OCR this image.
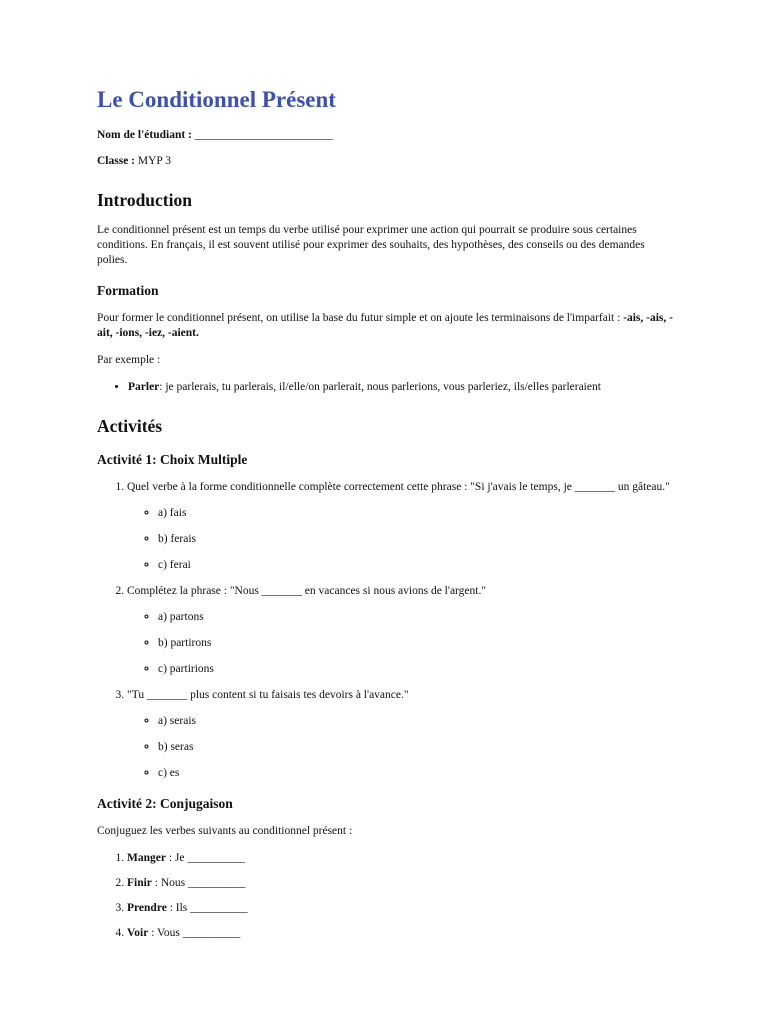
Le Conditionnel Présent

Nom de l'étudiant : ________________________

Classe : MYP 3

Introduction

Le conditionnel présent est un temps du verbe utilisé pour exprimer une action qui pourrait se produire sous certaines conditions. En français, il est souvent utilisé pour exprimer des souhaits, des hypothèses, des conseils ou des demandes polies.

Formation

Pour former le conditionnel présent, on utilise la base du futur simple et on ajoute les terminaisons de l'imparfait : -ais, -ais, -ait, -ions, -iez, -aient.

Par exemple :

• Parler: je parlerais, tu parlerais, il/elle/on parlerait, nous parlerions, vous parleriez, ils/elles parleraient
Activités
Activité 1: Choix Multiple
1. Quel verbe à la forme conditionnelle complète correctement cette phrase : "Si j'avais le temps, je _______ un gâteau."
◦ a) fais
◦ b) ferais
◦ c) ferai
2. Complétez la phrase : "Nous _______ en vacances si nous avions de l'argent."
◦ a) partons
◦ b) partirons
◦ c) partirions
3. "Tu _______ plus content si tu faisais tes devoirs à l'avance."
◦ a) serais
◦ b) seras
◦ c) es
Activité 2: Conjugaison

Conjuguez les verbes suivants au conditionnel présent :

1. Manger : Je __________
2. Finir : Nous __________
3. Prendre : Ils __________
4. Voir : Vous __________
